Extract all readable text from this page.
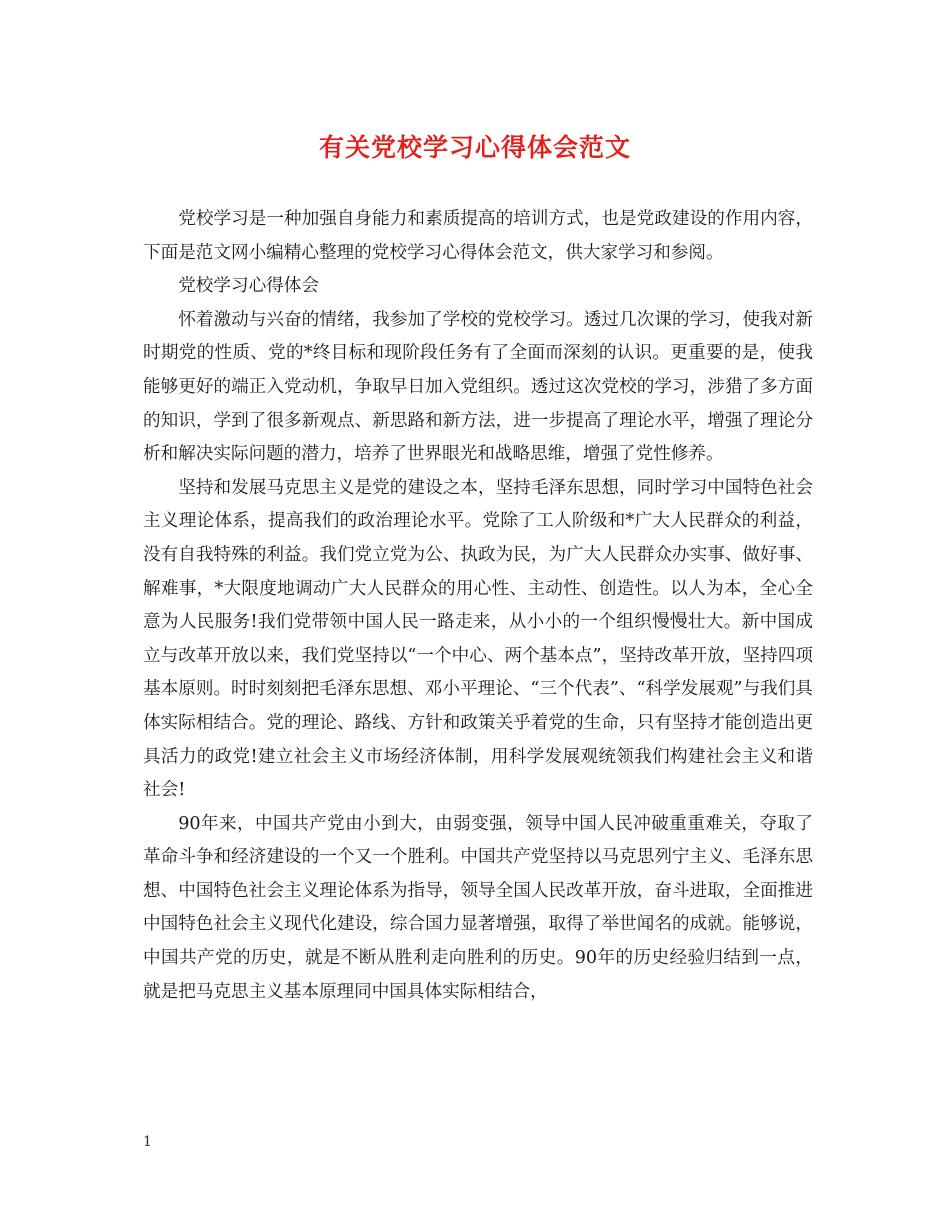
有关党校学习心得体会范文

党校学习是一种加强自身能力和素质提高的培训方式，也是党政建设的作用内容，下面是范文网小编精心整理的党校学习心得体会范文，供大家学习和参阅。

党校学习心得体会

怀着激动与兴奋的情绪，我参加了学校的党校学习。透过几次课的学习，使我对新时期党的性质、党的*终目标和现阶段任务有了全面而深刻的认识。更重要的是，使我能够更好的端正入党动机，争取早日加入党组织。透过这次党校的学习，涉猎了多方面的知识，学到了很多新观点、新思路和新方法，进一步提高了理论水平，增强了理论分析和解决实际问题的潜力，培养了世界眼光和战略思维，增强了党性修养。

坚持和发展马克思主义是党的建设之本，坚持毛泽东思想，同时学习中国特色社会主义理论体系，提高我们的政治理论水平。党除了工人阶级和*广大人民群众的利益，没有自我特殊的利益。我们党立党为公、执政为民，为广大人民群众办实事、做好事、解难事，*大限度地调动广大人民群众的用心性、主动性、创造性。以人为本，全心全意为人民服务!我们党带领中国人民一路走来，从小小的一个组织慢慢壮大。新中国成立与改革开放以来，我们党坚持以“一个中心、两个基本点”，坚持改革开放，坚持四项基本原则。时时刻刻把毛泽东思想、邓小平理论、“三个代表”、“科学发展观”与我们具体实际相结合。党的理论、路线、方针和政策关乎着党的生命，只有坚持才能创造出更具活力的政党!建立社会主义市场经济体制，用科学发展观统领我们构建社会主义和谐社会!

90年来，中国共产党由小到大，由弱变强，领导中国人民冲破重重难关，夺取了革命斗争和经济建设的一个又一个胜利。中国共产党坚持以马克思列宁主义、毛泽东思想、中国特色社会主义理论体系为指导，领导全国人民改革开放，奋斗进取，全面推进中国特色社会主义现代化建设，综合国力显著增强，取得了举世闻名的成就。能够说，中国共产党的历史，就是不断从胜利走向胜利的历史。90年的历史经验归结到一点，就是把马克思主义基本原理同中国具体实际相结合，

1
